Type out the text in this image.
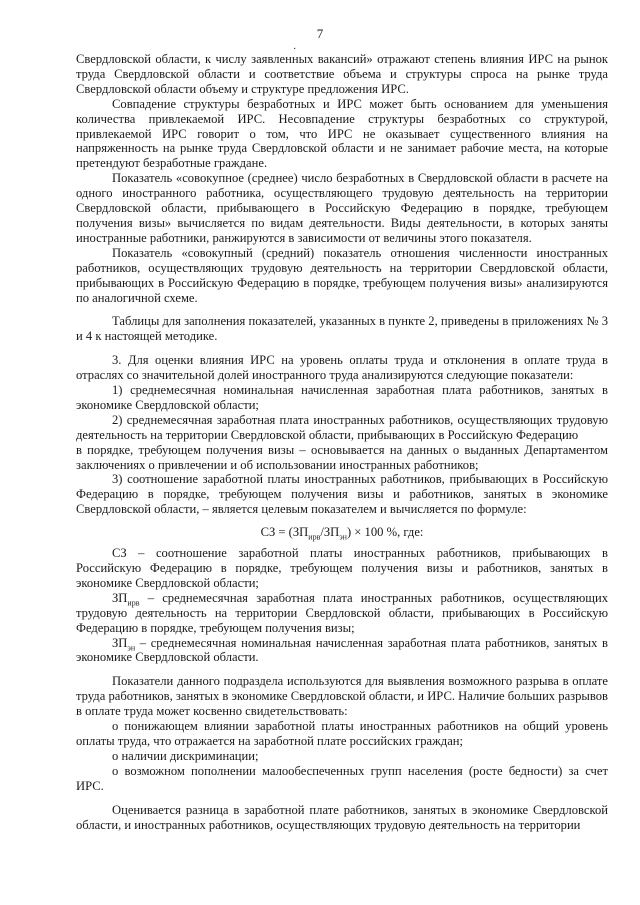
7
·

Свердловской области, к числу заявленных вакансий» отражают степень влияния ИРС на рынок труда Свердловской области и соответствие объема и структуры спроса на рынке труда Свердловской области объему и структуре предложения ИРС.

Совпадение структуры безработных и ИРС может быть основанием для уменьшения количества привлекаемой ИРС. Несовпадение структуры безработных со структурой, привлекаемой ИРС говорит о том, что ИРС не оказывает существенного влияния на напряженность на рынке труда Свердловской области и не занимает рабочие места, на которые претендуют безработные граждане.

Показатель «совокупное (среднее) число безработных в Свердловской области в расчете на одного иностранного работника, осуществляющего трудовую деятельность на территории Свердловской области, прибывающего в Российскую Федерацию в порядке, требующем получения визы» вычисляется по видам деятельности. Виды деятельности, в которых заняты иностранные работники, ранжируются в зависимости от величины этого показателя.

Показатель «совокупный (средний) показатель отношения численности иностранных работников, осуществляющих трудовую деятельность на территории Свердловской области, прибывающих в Российскую Федерацию в порядке, требующем получения визы» анализируются по аналогичной схеме.

Таблицы для заполнения показателей, указанных в пункте 2, приведены в приложениях № 3 и 4 к настоящей методике.

3. Для оценки влияния ИРС на уровень оплаты труда и отклонения в оплате труда в отраслях со значительной долей иностранного труда анализируются следующие показатели:

1) среднемесячная номинальная начисленная заработная плата работников, занятых в экономике Свердловской области;

2) среднемесячная заработная плата иностранных работников, осуществляющих трудовую деятельность на территории Свердловской области, прибывающих в Российскую Федерацию

в порядке, требующем получения визы – основывается на данных о выданных Департаментом заключениях о привлечении и об использовании иностранных работников;

3) соотношение заработной платы иностранных работников, прибывающих в Российскую Федерацию в порядке, требующем получения визы и работников, занятых в экономике Свердловской области, – является целевым показателем и вычисляется по формуле:

СЗ = $(ЗП_{ирв}/ЗП_{эн}) \times 100$ %, где:

СЗ – соотношение заработной платы иностранных работников, прибывающих в Российскую Федерацию в порядке, требующем получения визы и работников, занятых в экономике Свердловской области;

$ЗП_{ирв}$ – среднемесячная заработная плата иностранных работников, осуществляющих трудовую деятельность на территории Свердловской области, прибывающих в Российскую Федерацию в порядке, требующем получения визы;

$ЗП_{эн}$ – среднемесячная номинальная начисленная заработная плата работников, занятых в экономике Свердловской области.

Показатели данного подраздела используются для выявления возможного разрыва в оплате труда работников, занятых в экономике Свердловской области, и ИРС. Наличие больших разрывов в оплате труда может косвенно свидетельствовать:

о понижающем влиянии заработной платы иностранных работников на общий уровень оплаты труда, что отражается на заработной плате российских граждан;

о наличии дискриминации;

о возможном пополнении малообеспеченных групп населения (росте бедности) за счет ИРС.

Оценивается разница в заработной плате работников, занятых в экономике Свердловской области, и иностранных работников, осуществляющих трудовую деятельность на территории
